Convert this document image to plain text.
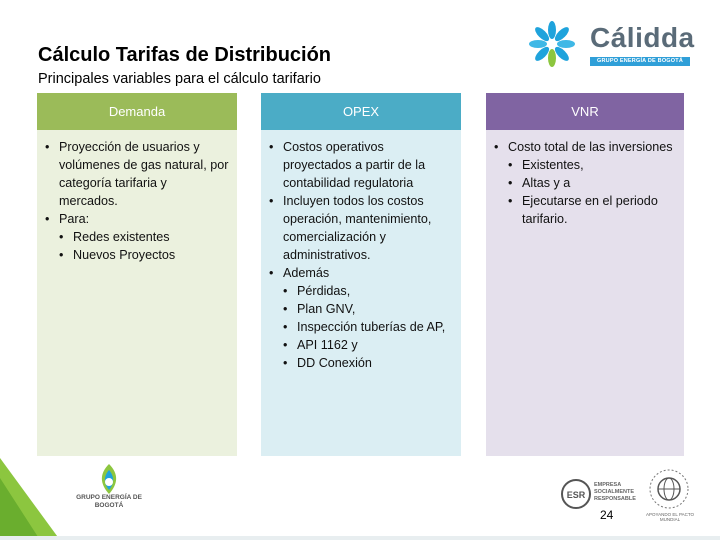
Cálculo Tarifas de Distribución
Principales variables para el cálculo tarifario
Cálidda
GRUPO ENERGÍA DE BOGOTÁ
Demanda
• Proyección de usuarios y volúmenes de gas natural, por categoría tarifaria y mercados.
• Para:
• Redes existentes
• Nuevos Proyectos
OPEX
• Costos operativos proyectados a partir de la contabilidad regulatoria
• Incluyen todos los costos operación, mantenimiento, comercialización y administrativos.
• Además
• Pérdidas,
• Plan GNV,
• Inspección tuberías de AP,
• API 1162 y
• DD Conexión
VNR
• Costo total de las inversiones
• Existentes,
• Altas y a
• Ejecutarse en el periodo tarifario.
GRUPO ENERGÍA DE BOGOTÁ
ESR
EMPRESA SOCIALMENTE RESPONSABLE
APOYANDO EL PACTO MUNDIAL
24
